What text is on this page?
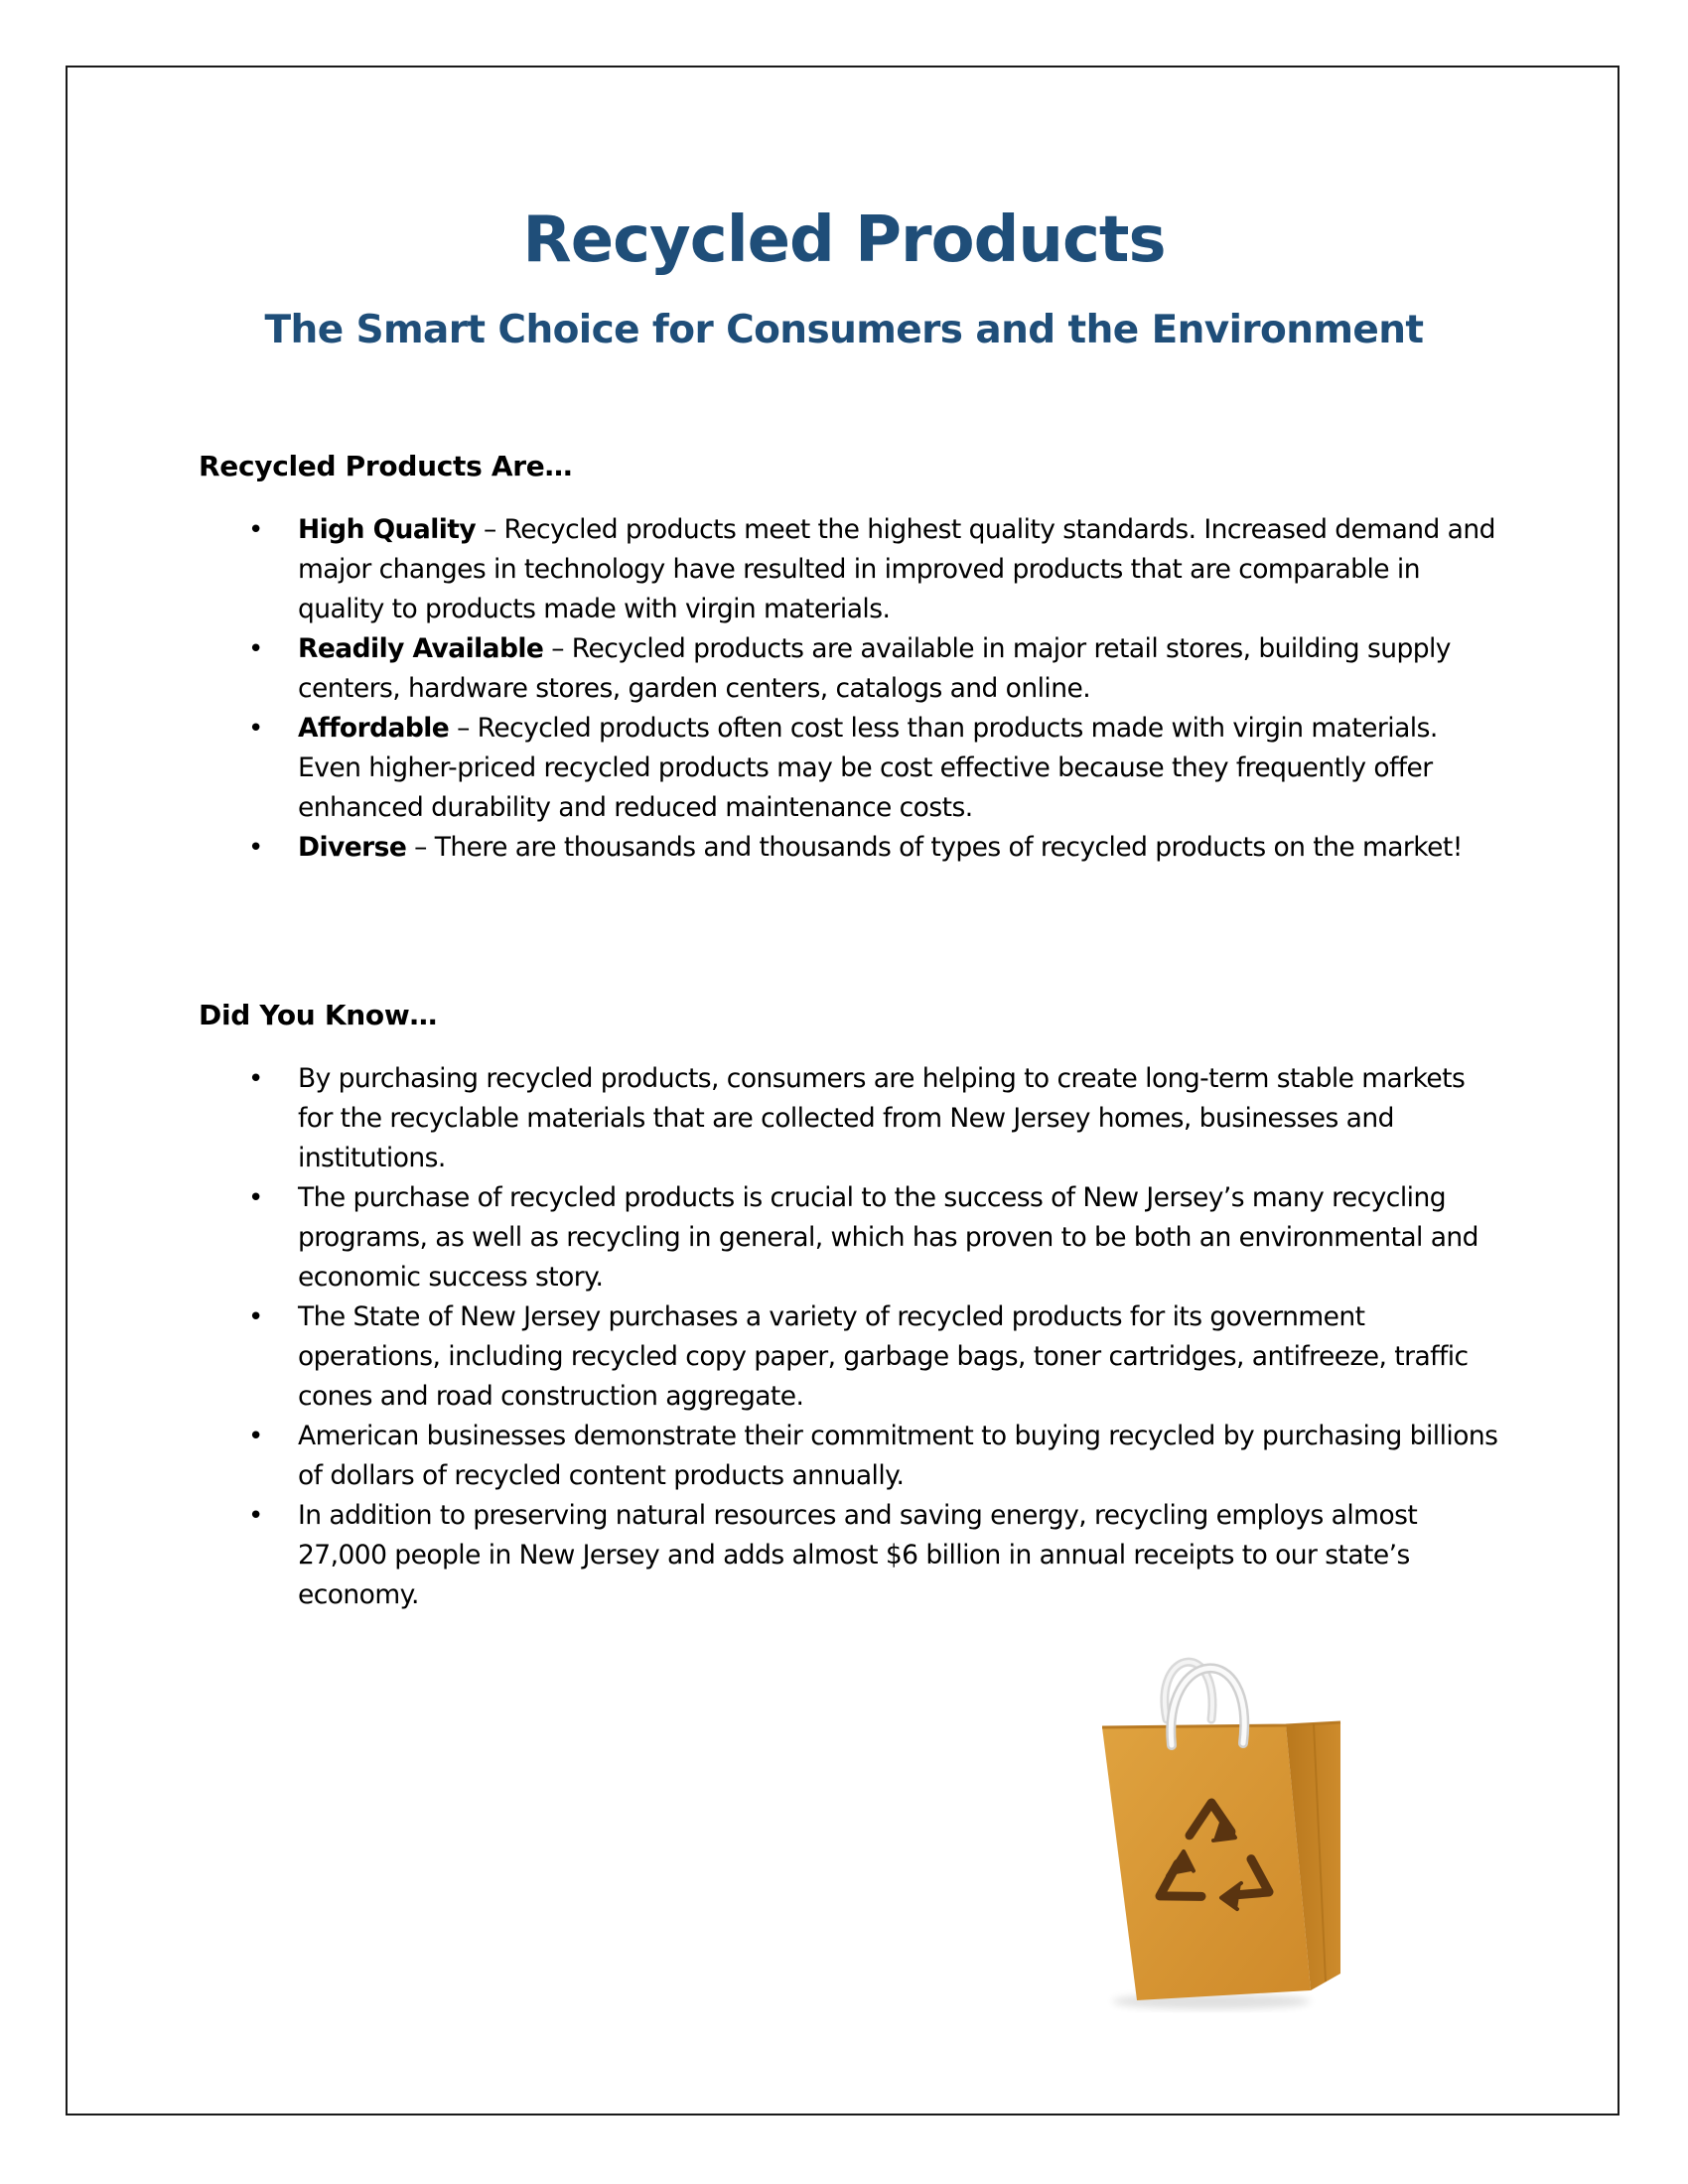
Recycled Products
The Smart Choice for Consumers and the Environment
Recycled Products Are…
• High Quality – Recycled products meet the highest quality standards. Increased demand and major changes in technology have resulted in improved products that are comparable in quality to products made with virgin materials.
• Readily Available – Recycled products are available in major retail stores, building supply centers, hardware stores, garden centers, catalogs and online.
• Affordable – Recycled products often cost less than products made with virgin materials. Even higher-priced recycled products may be cost effective because they frequently offer enhanced durability and reduced maintenance costs.
• Diverse – There are thousands and thousands of types of recycled products on the market!
Did You Know…
• By purchasing recycled products, consumers are helping to create long-term stable markets for the recyclable materials that are collected from New Jersey homes, businesses and institutions.
• The purchase of recycled products is crucial to the success of New Jersey’s many recycling programs, as well as recycling in general, which has proven to be both an environmental and economic success story.
• The State of New Jersey purchases a variety of recycled products for its government operations, including recycled copy paper, garbage bags, toner cartridges, antifreeze, traffic cones and road construction aggregate.
• American businesses demonstrate their commitment to buying recycled by purchasing billions of dollars of recycled content products annually.
• In addition to preserving natural resources and saving energy, recycling employs almost 27,000 people in New Jersey and adds almost $6 billion in annual receipts to our state’s economy.
